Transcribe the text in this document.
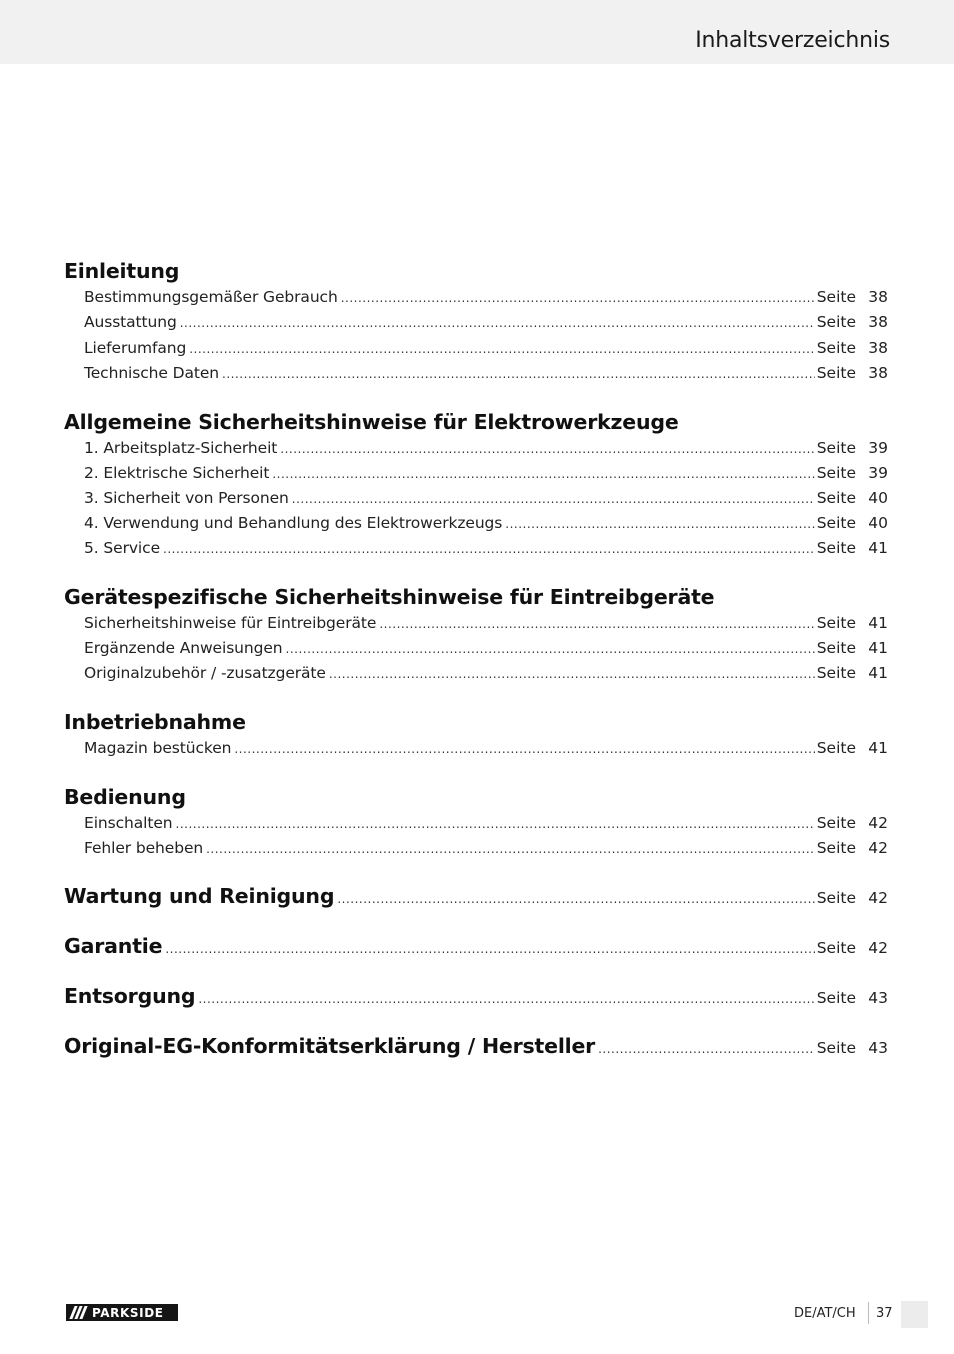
Inhaltsverzeichnis
Einleitung
Bestimmungsgemäßer Gebrauch .....	Seite 38
Ausstattung .....	Seite 38
Lieferumfang .....	Seite 38
Technische Daten .....	Seite 38
Allgemeine Sicherheitshinweise für Elektrowerkzeuge
1. Arbeitsplatz-Sicherheit .....	Seite 39
2. Elektrische Sicherheit .....	Seite 39
3. Sicherheit von Personen .....	Seite 40
4. Verwendung und Behandlung des Elektrowerkzeugs .....	Seite 40
5. Service .....	Seite 41
Gerätespezifische Sicherheitshinweise für Eintreibgeräte
Sicherheitshinweise für Eintreibgeräte .....	Seite 41
Ergänzende Anweisungen .....	Seite 41
Originalzubehör / -zusatzgeräte .....	Seite 41
Inbetriebnahme
Magazin bestücken .....	Seite 41
Bedienung
Einschalten .....	Seite 42
Fehler beheben .....	Seite 42
Wartung und Reinigung .....	Seite 42
Garantie .....	Seite 42
Entsorgung .....	Seite 43
Original-EG-Konformitätserklärung / Hersteller .....	Seite 43
PARKSIDE	DE/AT/CH 37
